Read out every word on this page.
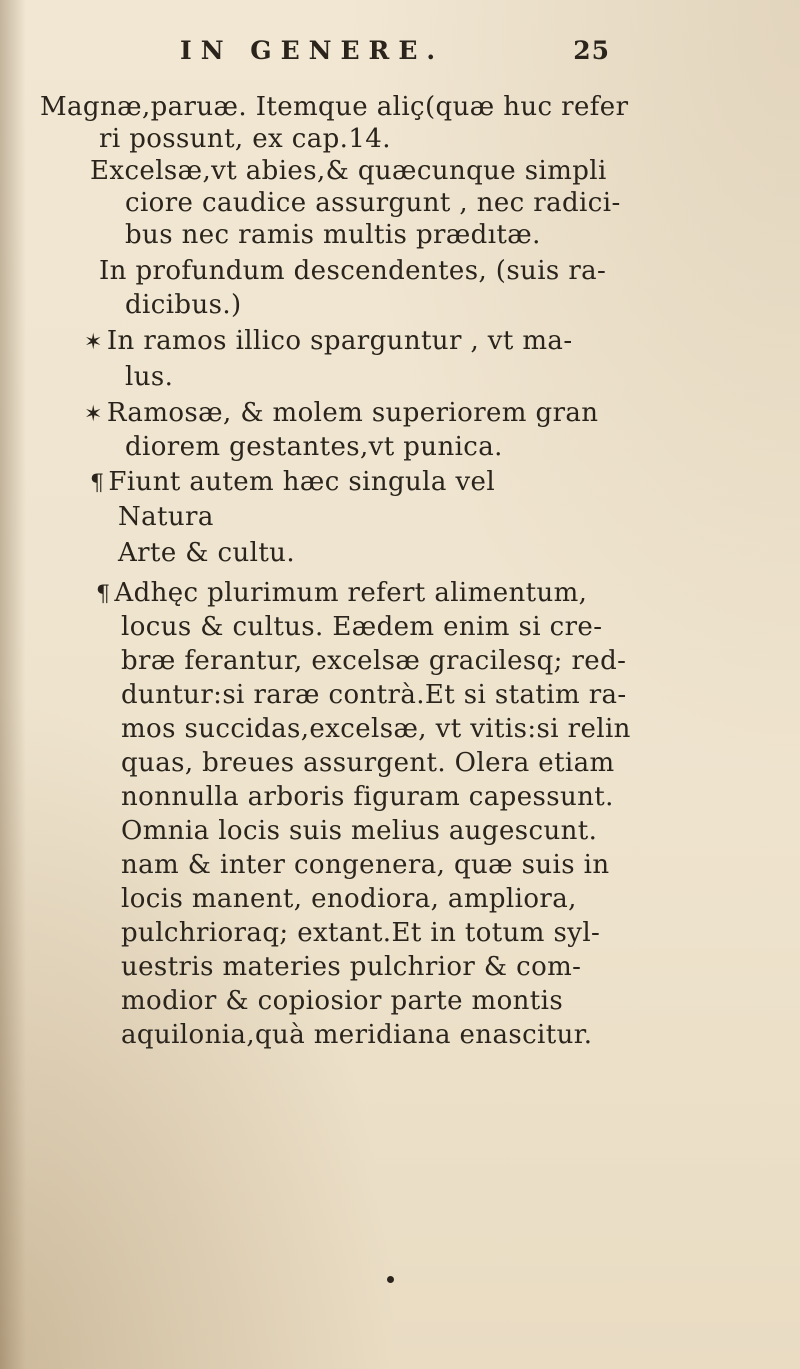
IN GENERE.	25
Magnæ,paruæ. Itemque aliç(quæ huc refer
ri possunt, ex cap.14.
Excelsæ,vt abies,& quæcunque simpli
ciore caudice assurgunt , nec radici-
bus nec ramis multis prædıtæ.
In profundum descendentes, (suis ra-
dicibus.)
✶ In ramos illico sparguntur , vt ma-
lus.
✶ Ramosæ, & molem superiorem gran
diorem gestantes,vt punica.
¶ Fiunt autem hæc singula vel
Natura
Arte & cultu.
¶ Adhęc plurimum refert alimentum,
locus & cultus. Eædem enim si cre-
bræ ferantur, excelsæ gracilesq; red-
duntur:si raræ contrà.Et si statim ra-
mos succidas,excelsæ, vt vitis:si relin
quas, breues assurgent. Olera etiam
nonnulla arboris figuram capessunt.
Omnia locis suis melius augescunt.
nam & inter congenera, quæ suis in
locis manent, enodiora, ampliora,
pulchrioraq; extant.Et in totum syl-
uestris materies pulchrior & com-
modior & copiosior parte montis
aquilonia,quà meridiana enascitur.
